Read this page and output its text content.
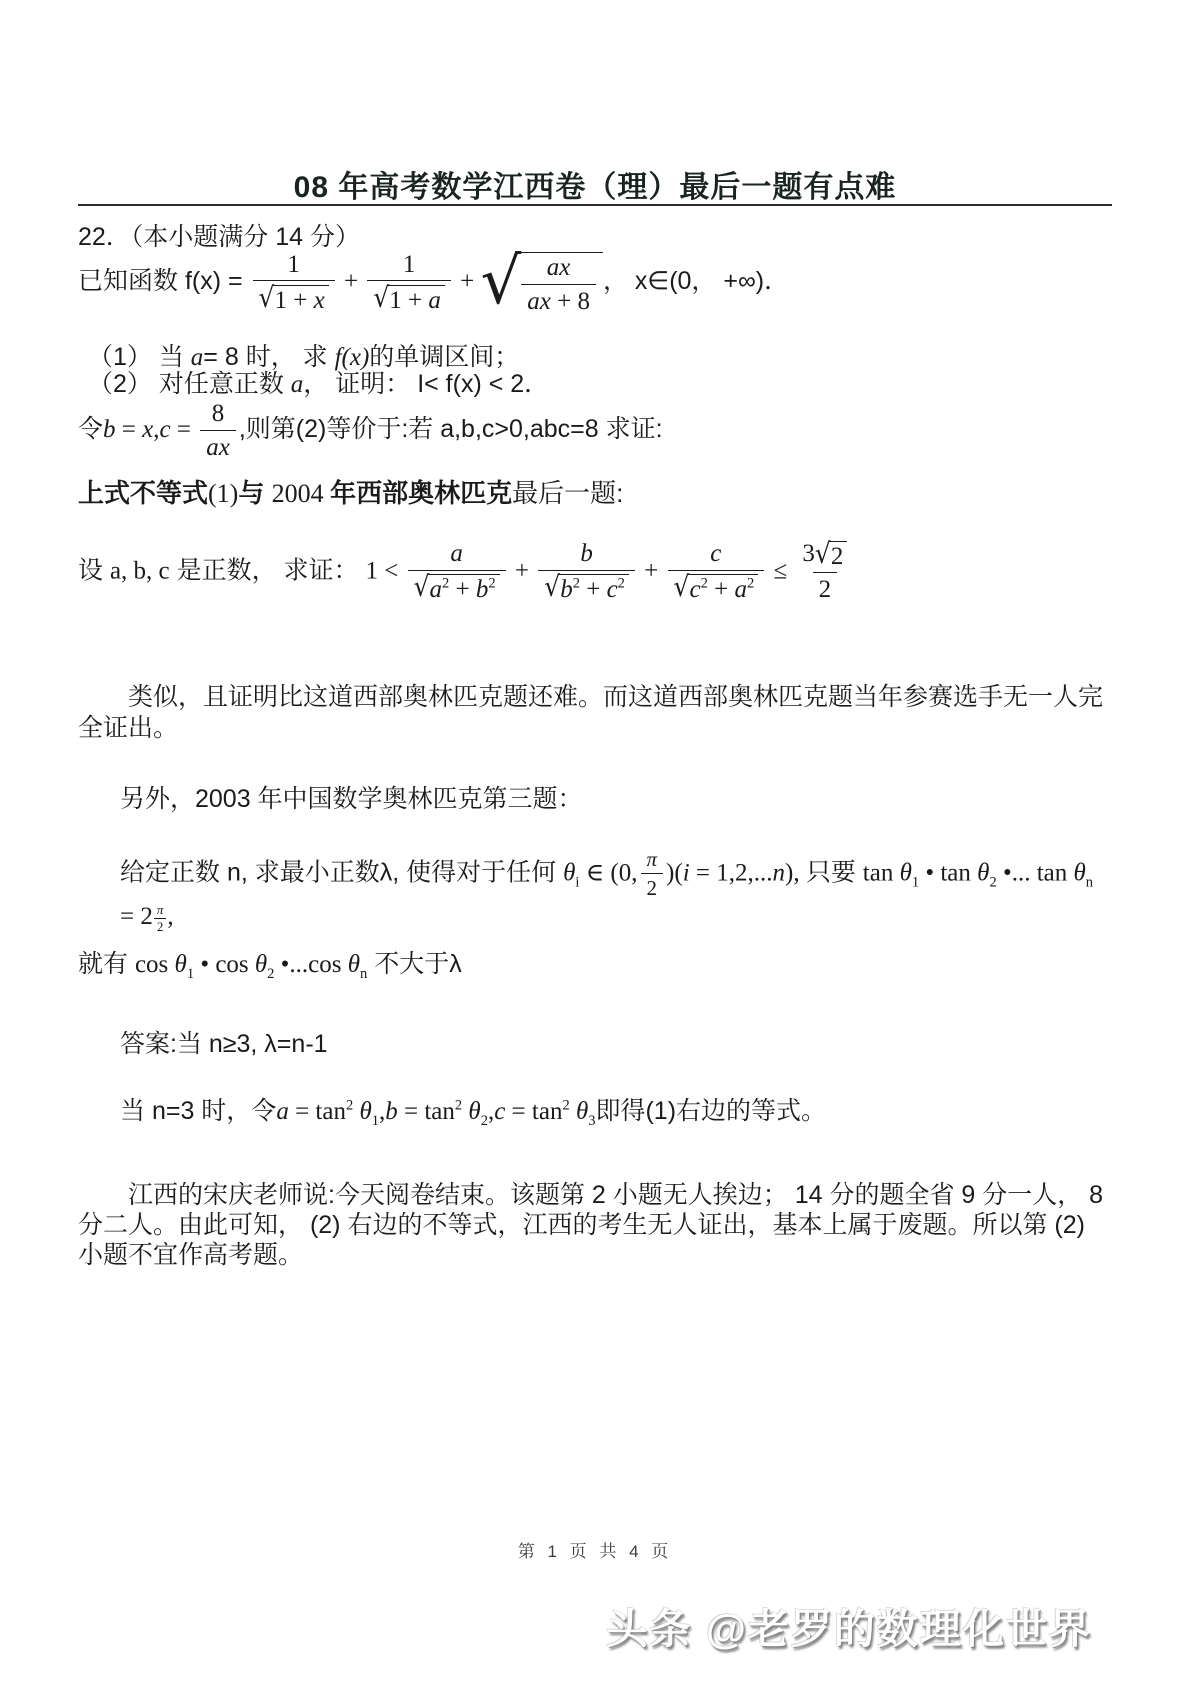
08 年高考数学江西卷（理）最后一题有点难
22．（本小题满分 14 分）
已知函数 $f(x) = \frac{1}{√ 1 + x} + \frac{1}{√ 1 + a}$ + √ $\frac{ax}{ax + 8}$ ， x∈(0， +∞)．
（1） 当 a= 8 时， 求 f(x)的单调区间；
（2） 对任意正数 a， 证明： I< f(x) < 2．
令$b = x,c = \frac{8}{ax}$ ,则第(2)等价于:若 a,b,c>0,abc=8 求证:
上式不等式(1)与 2004 年西部奥林匹克最后一题:
设 a, b, c 是正数， 求证： $1 < \frac{a}{√ a^2 + b^2} + \frac{b}{√ b^2 + c^2} + \frac{c}{√ c^2 + a^2} \le \frac{3 √ 2}{2}$

类似，且证明比这道西部奥林匹克题还难。而这道西部奥林匹克题当年参赛选手无一人完全证出。

另外，2003 年中国数学奥林匹克第三题：
给定正数 n, 求最小正数λ, 使得对于任何 $\theta_i$ ∈ (0, $\frac{\pi}{2} )(i = 1,2,...n)$, 只要 $\tan \theta_1$ • $\tan \theta_2$ •... $\tan \theta_n = 2 \frac{\pi}{2}$ ,
就有 $\cos \theta_1$ • $\cos \theta_2$ •...cos $\theta_n$ 不大于λ
答案:当 n≥3, λ=n-1
当 n=3 时，令$a = \tan^2 \theta_1,b = \tan^2 \theta_2,c = \tan^2 \theta_3$即得(1)右边的等式。

江西的宋庆老师说:今天阅卷结束。该题第 2 小题无人挨边； 14 分的题全省 9 分一人， 8 分二人。由此可知， (2) 右边的不等式，江西的考生无人证出，基本上属于废题。所以第 (2) 小题不宜作高考题。

第 1 页 共 4 页
头条 @老罗的数理化世界
